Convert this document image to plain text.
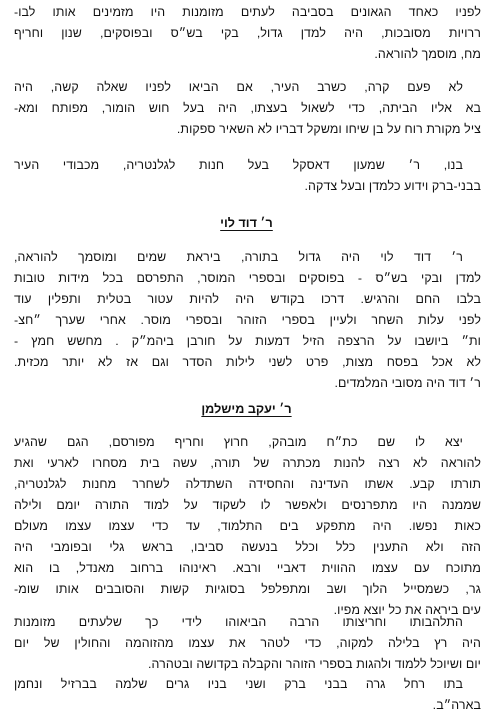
לפניו כאחד הגאונים בסביבה לעתים מזומנות היו מזמינים אותו לבו-
ררויות מסובכות, היה למדן גדול, בקי בש״ס ובפוסקים, שנון וחריף
מח, מוסמך להוראה.
לא פעם קרה, כשרב העיר, אם הביאו לפניו שאלה קשה, היה
בא אליו הביתה, כדי לשאול בעצתו, היה בעל חוש הומור, מפותח ומא-
ציל מקורת רוח על בן שיחו ומשקל דבריו לא השאיר ספקות.
בנו, ר׳ שמעון דאסקל בעל חנות לגלנטריה, מכבודי העיר
בבני-ברק וידוע כלמדן ובעל צדקה.
ר׳ דוד לוי
ר׳ דוד לוי היה גדול בתורה, ביראת שמים ומוסמך להוראה,
למדן ובקי בש״ס - בפוסקים ובספרי המוסר, התפרסם בכל מידות טובות
בלבו החם והרגיש. דרכו בקודש היה להיות עטור בטלית ותפלין עוד
לפני עלות השחר ולעיין בספרי הזוהר ובספרי מוסר. אחרי שערך ״חצ-
ות״ ביושבו על הרצפה הזיל דמעות על חורבן ביהמ״ק . מחשש חמץ -
לא אכל בפסח מצות, פרט לשני לילות הסדר וגם אז לא יותר מכזית.
ר׳ דוד היה מסובי המלמדים.
ר׳ יעקב מישלמן
יצא לו שם כת״ח מובהק, חרוץ וחריף מפורסם, הגם שהגיע
להוראה לא רצה להנות מכתרה של תורה, עשה בית מסחרו לארעי ואת
תורתו קבע. אשתו העדינה והחסידה השתדלה לשחרר מחנות לגלנטריה,
שממנה היו מתפרנסים ולאפשר לו לשקוד על למוד התורה יומם ולילה
כאות נפשו. היה מתפקע בים התלמוד, עד כדי עצמו עצמו מעולם
הזה ולא התענין כלל וכלל בנעשה סביבו, בראש גלי ובפומבי היה
מתוכח עם עצמו ההווית דאביי ורבא. ראינוהו ברחוב מאנדל, בו הוא
גר, כשמסייל הלוך ושב ומתפלפל בסוגיות קשות והסובבים אותו שומ-
עים ביראה את כל יוצא מפיו.
התלהבותו וחריצותו הרבה הביאוהו לידי כך שלעתים מזומנות
היה רץ בלילה למקוה, כדי לטהר את עצמו מהזוהמה והחולין של יום
יום ושיוכל ללמוד ולהגות בספרי הזוהר והקבלה בקדושה ובטהרה.
בתו רחל גרה בבני ברק ושני בניו גרים שלמה בברזיל ונחמן
בארה״ב.
